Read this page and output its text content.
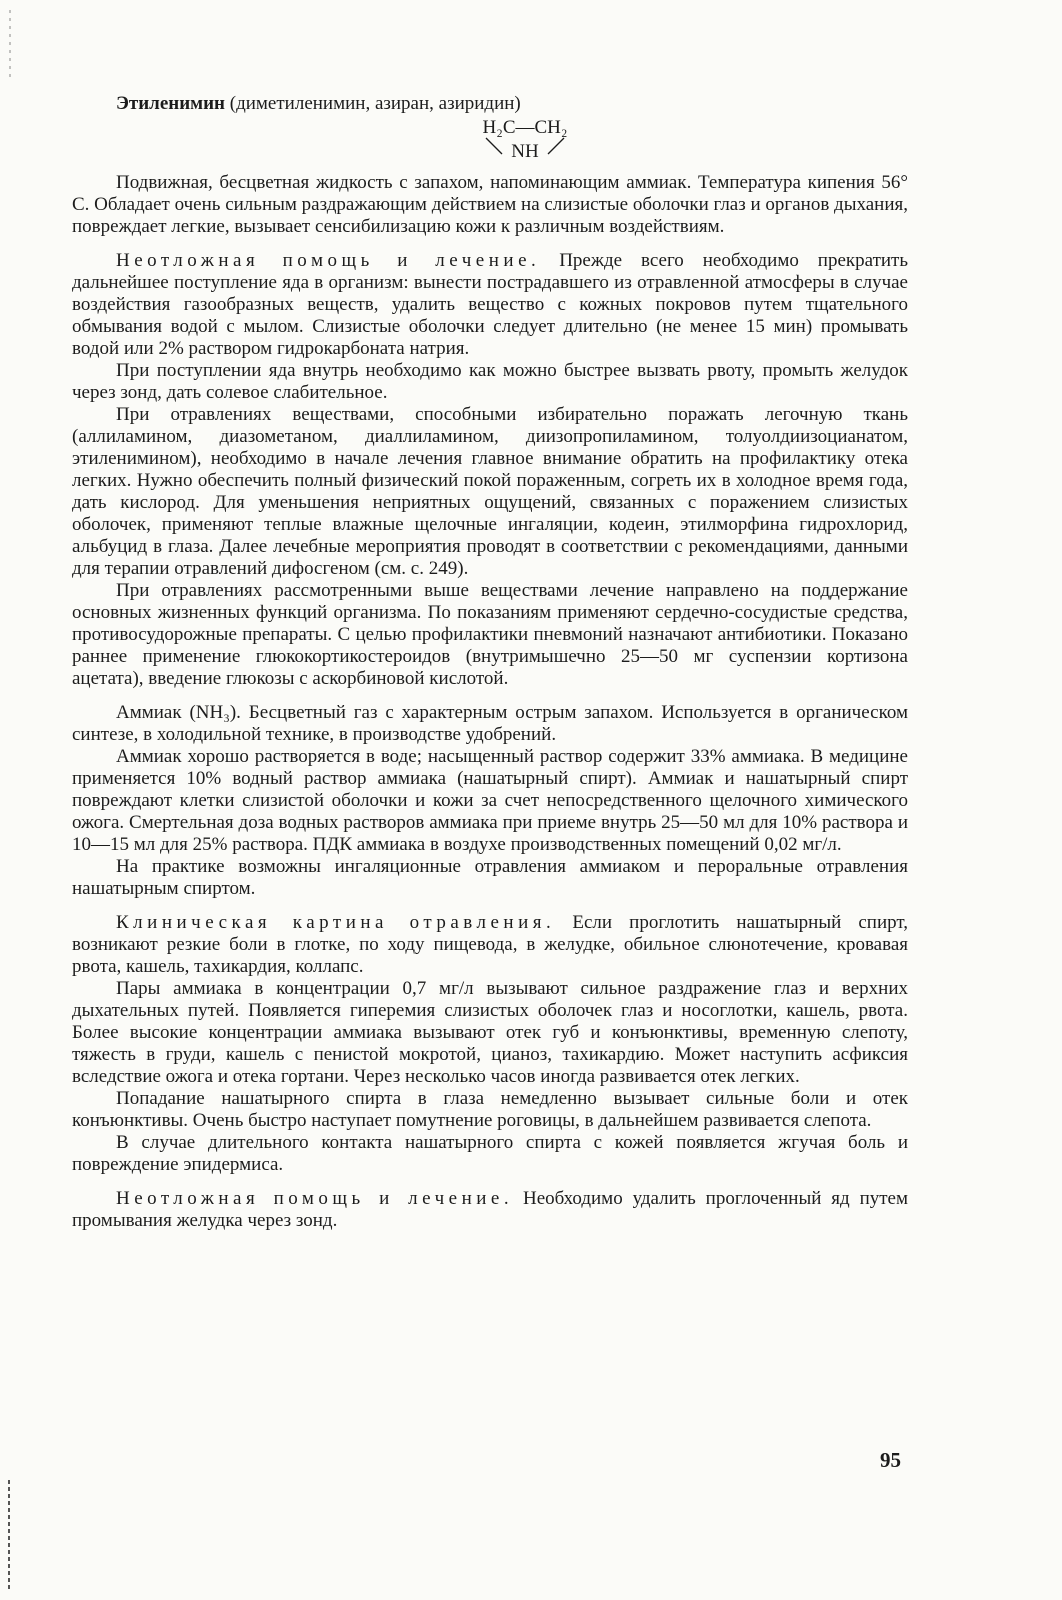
Этиленимин (диметиленимин, азиран, азиридин)
H₂C—CH₂
NH

Подвижная, бесцветная жидкость с запахом, напоминающим аммиак. Температура кипения 56° С. Обладает очень сильным раздражающим действием на слизистые оболочки глаз и органов дыхания, повреждает легкие, вызывает сенсибилизацию кожи к различным воздействиям.

Неотложная помощь и лечение. Прежде всего необходимо прекратить дальнейшее поступление яда в организм: вынести пострадавшего из отравленной атмосферы в случае воздействия газообразных веществ, удалить вещество с кожных покровов путем тщательного обмывания водой с мылом. Слизистые оболочки следует длительно (не менее 15 мин) промывать водой или 2% раствором гидрокарбоната натрия.

При поступлении яда внутрь необходимо как можно быстрее вызвать рвоту, промыть желудок через зонд, дать солевое слабительное.

При отравлениях веществами, способными избирательно поражать легочную ткань (аллиламином, диазометаном, диаллиламином, диизопропиламином, толуолдиизоцианатом, этиленимином), необходимо в начале лечения главное внимание обратить на профилактику отека легких. Нужно обеспечить полный физический покой пораженным, согреть их в холодное время года, дать кислород. Для уменьшения неприятных ощущений, связанных с поражением слизистых оболочек, применяют теплые влажные щелочные ингаляции, кодеин, этилморфина гидрохлорид, альбуцид в глаза. Далее лечебные мероприятия проводят в соответствии с рекомендациями, данными для терапии отравлений дифосгеном (см. с. 249).

При отравлениях рассмотренными выше веществами лечение направлено на поддержание основных жизненных функций организма. По показаниям применяют сердечно-сосудистые средства, противосудорожные препараты. С целью профилактики пневмоний назначают антибиотики. Показано раннее применение глюкокортикостероидов (внутримышечно 25—50 мг суспензии кортизона ацетата), введение глюкозы с аскорбиновой кислотой.

Аммиак (NH₃). Бесцветный газ с характерным острым запахом. Используется в органическом синтезе, в холодильной технике, в производстве удобрений.

Аммиак хорошо растворяется в воде; насыщенный раствор содержит 33% аммиака. В медицине применяется 10% водный раствор аммиака (нашатырный спирт). Аммиак и нашатырный спирт повреждают клетки слизистой оболочки и кожи за счет непосредственного щелочного химического ожога. Смертельная доза водных растворов аммиака при приеме внутрь 25—50 мл для 10% раствора и 10—15 мл для 25% раствора. ПДК аммиака в воздухе производственных помещений 0,02 мг/л.

На практике возможны ингаляционные отравления аммиаком и пероральные отравления нашатырным спиртом.

Клиническая картина отравления. Если проглотить нашатырный спирт, возникают резкие боли в глотке, по ходу пищевода, в желудке, обильное слюнотечение, кровавая рвота, кашель, тахикардия, коллапс.

Пары аммиака в концентрации 0,7 мг/л вызывают сильное раздражение глаз и верхних дыхательных путей. Появляется гиперемия слизистых оболочек глаз и носоглотки, кашель, рвота. Более высокие концентрации аммиака вызывают отек губ и конъюнктивы, временную слепоту, тяжесть в груди, кашель с пенистой мокротой, цианоз, тахикардию. Может наступить асфиксия вследствие ожога и отека гортани. Через несколько часов иногда развивается отек легких.

Попадание нашатырного спирта в глаза немедленно вызывает сильные боли и отек конъюнктивы. Очень быстро наступает помутнение роговицы, в дальнейшем развивается слепота.

В случае длительного контакта нашатырного спирта с кожей появляется жгучая боль и повреждение эпидермиса.

Неотложная помощь и лечение. Необходимо удалить проглоченный яд путем промывания желудка через зонд.

95
